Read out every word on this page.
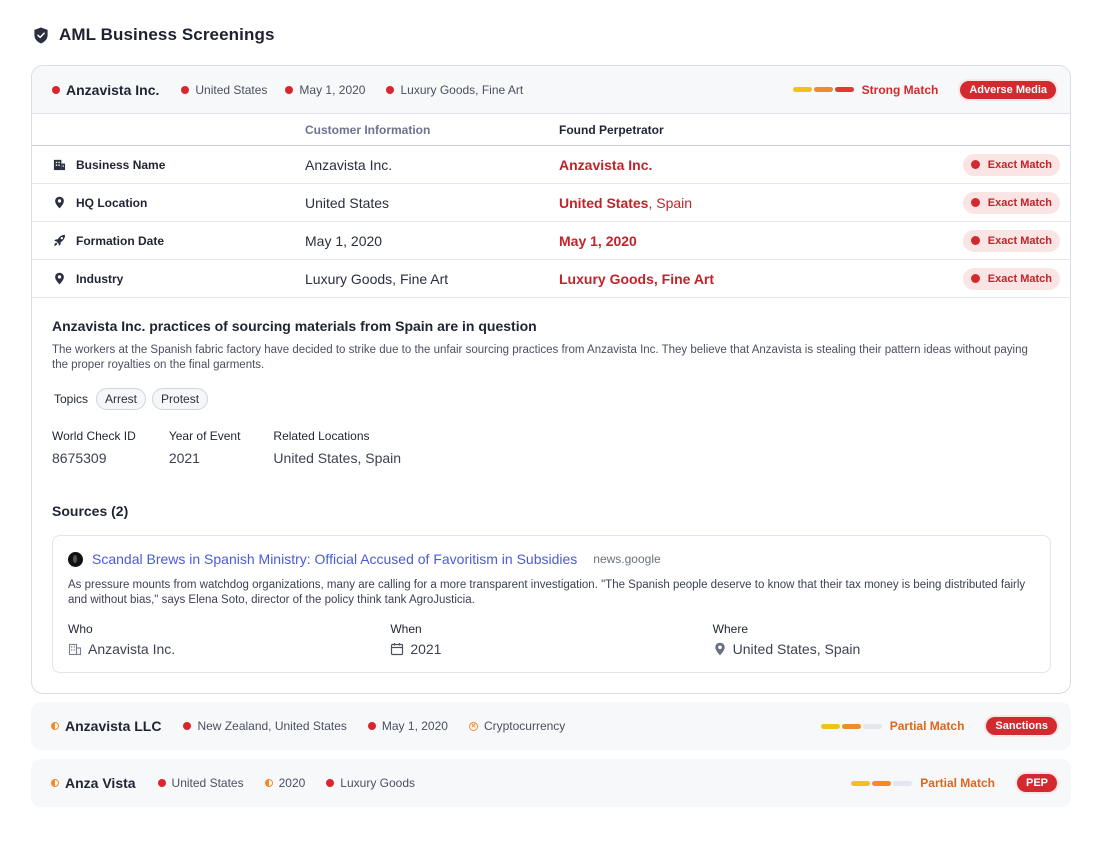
AML Business Screenings
Anzavista Inc.	United States	May 1, 2020	Luxury Goods, Fine Art	Strong Match	Adverse Media
Customer Information	Found Perpetrator
Business Name	Anzavista Inc.	Anzavista Inc.	Exact Match
HQ Location	United States	United States, Spain	Exact Match
Formation Date	May 1, 2020	May 1, 2020	Exact Match
Industry	Luxury Goods, Fine Art	Luxury Goods, Fine Art	Exact Match
Anzavista Inc. practices of sourcing materials from Spain are in question
The workers at the Spanish fabric factory have decided to strike due to the unfair sourcing practices from Anzavista Inc. They believe that Anzavista is stealing their pattern ideas without paying the proper royalties on the final garments.
Topics	Arrest	Protest
World Check ID
8675309
Year of Event
2021
Related Locations
United States, Spain
Sources (2)
Scandal Brews in Spanish Ministry: Official Accused of Favoritism in Subsidies news.google
As pressure mounts from watchdog organizations, many are calling for a more transparent investigation. "The Spanish people deserve to know that their tax money is being distributed fairly and without bias," says Elena Soto, director of the policy think tank AgroJusticia.
Who
Anzavista Inc.
When
2021
Where
United States, Spain
Anzavista LLC	New Zealand, United States	May 1, 2020	Cryptocurrency	Partial Match	Sanctions
Anza Vista	United States	2020	Luxury Goods	Partial Match	PEP
